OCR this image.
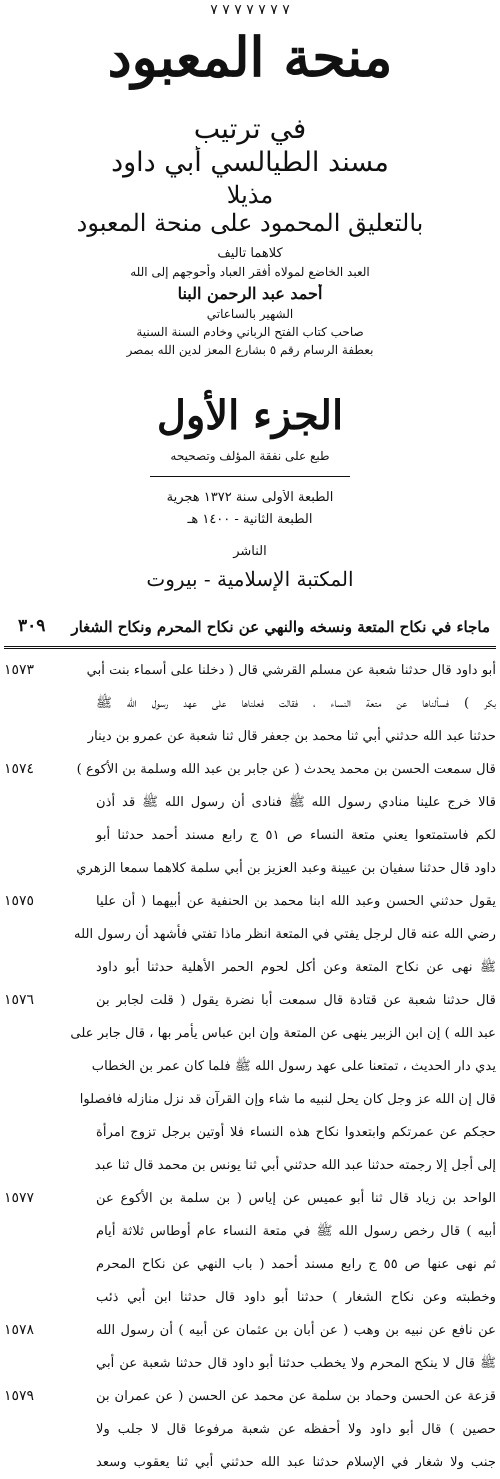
٧ ٧ ٧ ٧ ٧ ٧ ٧
منحة المعبود
في ترتيب
مسند الطيالسي أبي داود
مذيلا
بالتعليق المحمود على منحة المعبود
كلاهما تأليف
العبد الخاضع لمولاه أفقر العباد وأحوجهم إلى الله
أحمد عبد الرحمن البنا
الشهير بالساعاتي
صاحب كتاب الفتح الرباني وخادم السنة السنية
بعطفة الرسام رقم ٥ بشارع المعز لدين الله بمصر
الجزء الأول
طبع على نفقة المؤلف وتصحيحه
الطبعة الأولى سنة ١٣٧٢ هجرية
الطبعة الثانية - ١٤٠٠ هـ
الناشر
المكتبة الإسلامية - بيروت
ماجاء في نكاح المتعة ونسخه والنهي عن نكاح المحرم ونكاح الشغار
٣٠٩
أبو داود قال حدثنا شعبة عن مسلم القرشي قال ( دخلنا على أسماء بنت أبي
١٥٧٣
بكر ) فسألناها عن متعة النساء ، فقالت فعلناها على عهد رسول الله ﷺ
حدثنا عبد الله حدثني أبي ثنا محمد بن جعفر قال ثنا شعبة عن عمرو بن دينار
قال سمعت الحسن بن محمد يحدث ( عن جابر بن عبد الله وسلمة بن الأكوع )
١٥٧٤
قالا خرج علينا منادي رسول الله ﷺ فنادى أن رسول الله ﷺ قد أذن
لكم فاستمتعوا يعني متعة النساء ص ٥١ ج رابع مسند أحمد حدثنا أبو
داود قال حدثنا سفيان بن عيينة وعبد العزيز بن أبي سلمة كلاهما سمعا الزهري
يقول حدثني الحسن وعبد الله ابنا محمد بن الحنفية عن أبيهما ( أن عليا
١٥٧٥
رضي الله عنه قال لرجل يفتي في المتعة انظر ماذا تفتي فأشهد أن رسول الله
ﷺ نهى عن نكاح المتعة وعن أكل لحوم الحمر الأهلية حدثنا أبو داود
قال حدثنا شعبة عن قتادة قال سمعت أبا نضرة يقول ( قلت لجابر بن
١٥٧٦
عبد الله ) إن ابن الزبير ينهى عن المتعة وإن ابن عباس يأمر بها ، قال جابر على
يدي دار الحديث ، تمتعنا على عهد رسول الله ﷺ فلما كان عمر بن الخطاب
قال إن الله عز وجل كان يحل لنبيه ما شاء وإن القرآن قد نزل منازله فافصلوا
حجكم عن عمرتكم وابتعدوا نكاح هذه النساء فلا أوتين برجل تزوج امرأة
إلى أجل إلا رجمته حدثنا عبد الله حدثني أبي ثنا يونس بن محمد قال ثنا عبد
الواحد بن زياد قال ثنا أبو عميس عن إياس ( بن سلمة بن الأكوع عن
١٥٧٧
أبيه ) قال رخص رسول الله ﷺ في متعة النساء عام أوطاس ثلاثة أيام
ثم نهى عنها ص ٥٥ ج رابع مسند أحمد ( باب النهي عن نكاح المحرم
وخطبته وعن نكاح الشغار ) حدثنا أبو داود قال حدثنا ابن أبي ذئب
عن نافع عن نبيه بن وهب ( عن أبان بن عثمان عن أبيه ) أن رسول الله
١٥٧٨
ﷺ قال لا ينكح المحرم ولا يخطب حدثنا أبو داود قال حدثنا شعبة عن أبي
قزعة عن الحسن وحماد بن سلمة عن محمد عن الحسن ( عن عمران بن
١٥٧٩
حصين ) قال أبو داود ولا أحفظه عن شعبة مرفوعا قال لا جلب ولا
جنب ولا شغار في الإسلام حدثنا عبد الله حدثني أبي ثنا يعقوب وسعد
